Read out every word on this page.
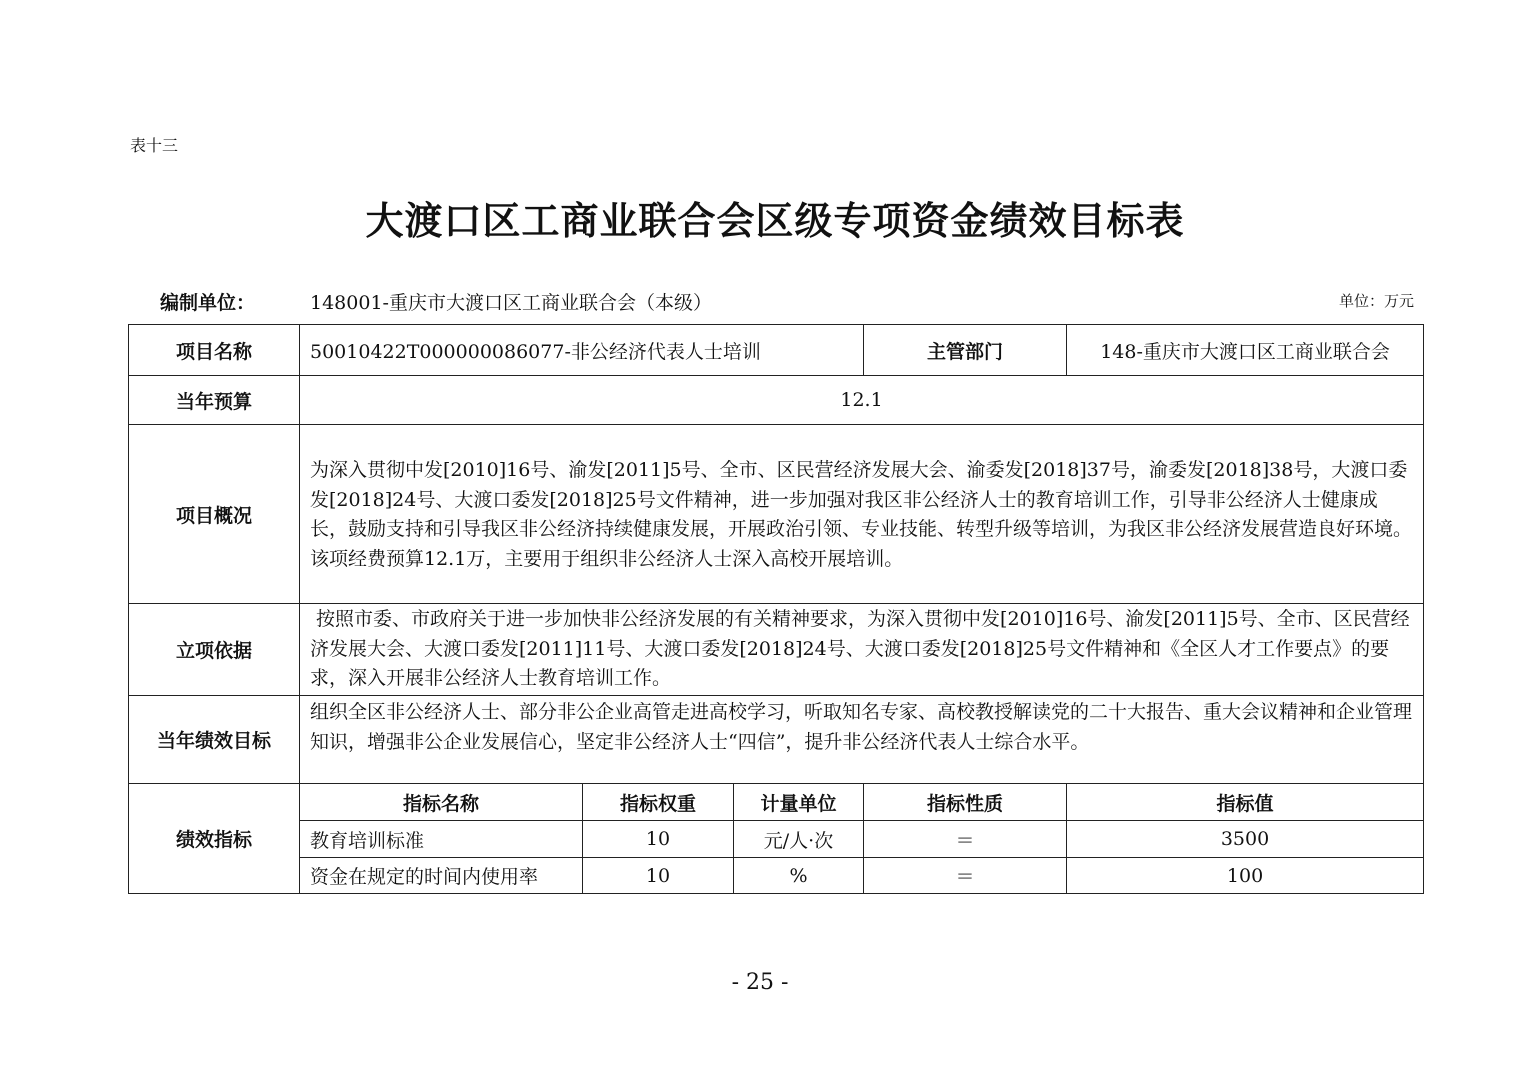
表十三
大渡口区工商业联合会区级专项资金绩效目标表
编制单位：	148001-重庆市大渡口区工商业联合会（本级）	单位：万元
项目名称	50010422T000000086077-非公经济代表人士培训			主管部门	148-重庆市大渡口区工商业联合会
当年预算	12.1				
项目概况	为深入贯彻中发[2010]16号、渝发[2011]5号、全市、区民营经济发展大会、渝委发[2018]37号，渝委发[2018]38号，大渡口委发[2018]24号、大渡口委发[2018]25号文件精神，进一步加强对我区非公经济人士的教育培训工作，引导非公经济人士健康成长，鼓励支持和引导我区非公经济持续健康发展，开展政治引领、专业技能、转型升级等培训，为我区非公经济发展营造良好环境。该项经费预算12.1万，主要用于组织非公经济人士深入高校开展培训。				
立项依据	按照市委、市政府关于进一步加快非公经济发展的有关精神要求，为深入贯彻中发[2010]16号、渝发[2011]5号、全市、区民营经济发展大会、大渡口委发[2011]11号、大渡口委发[2018]24号、大渡口委发[2018]25号文件精神和《全区人才工作要点》的要求，深入开展非公经济人士教育培训工作。				
当年绩效目标	组织全区非公经济人士、部分非公企业高管走进高校学习，听取知名专家、高校教授解读党的二十大报告、重大会议精神和企业管理知识，增强非公企业发展信心，坚定非公经济人士“四信”，提升非公经济代表人士综合水平。				
绩效指标	指标名称	指标权重	计量单位	指标性质	指标值
	教育培训标准	10	元/人·次	＝	3500
	资金在规定的时间内使用率	10	%	＝	100
- 25 -
